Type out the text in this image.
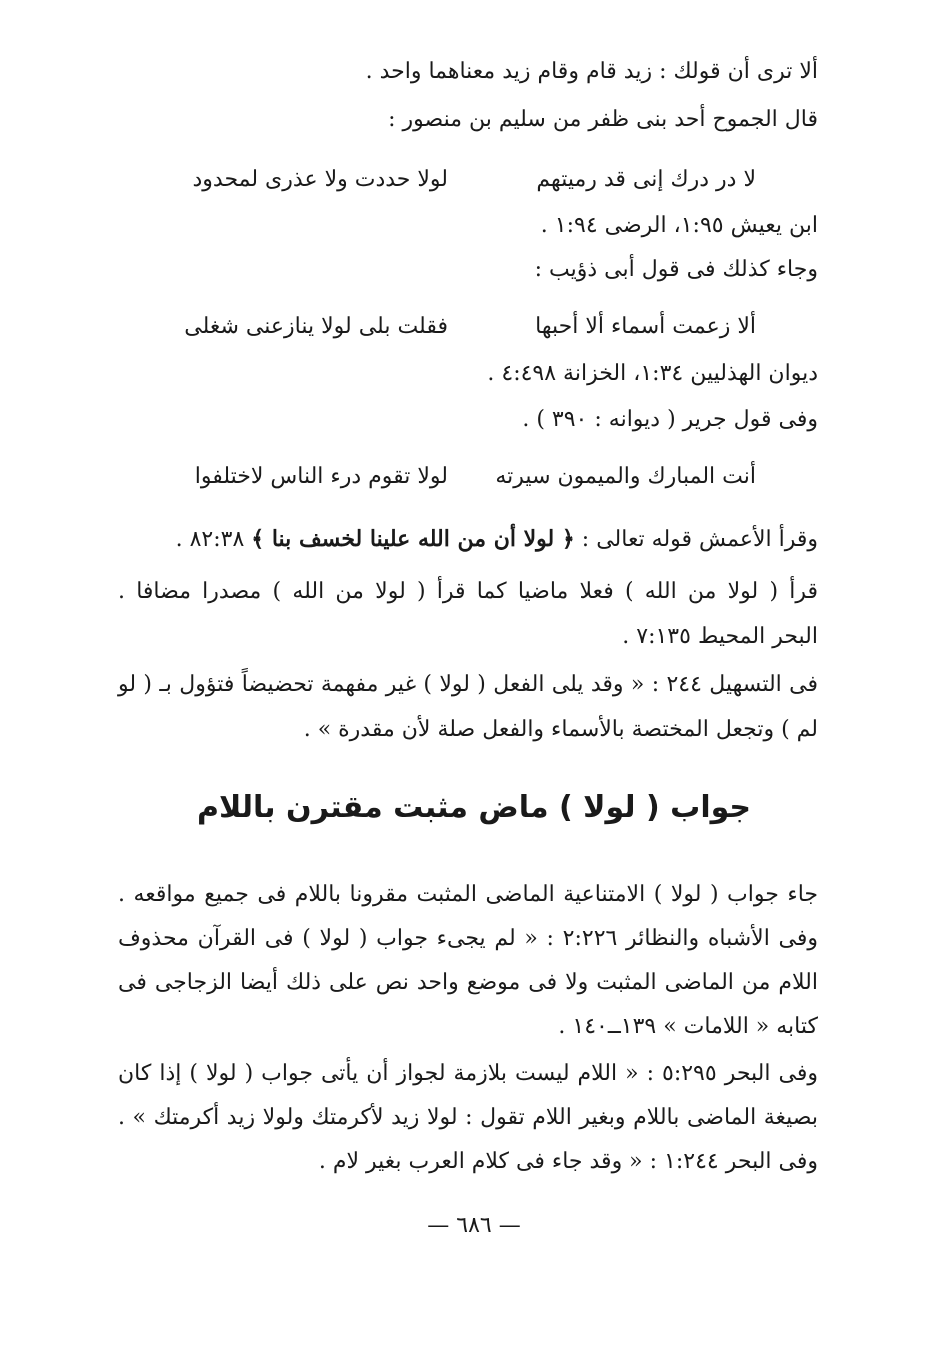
ألا ترى أن قولك : زيد قام وقام زيد معناهما واحد .
قال الجموح أحد بنى ظفر من سليم بن منصور :
لا در درك إنى قد رميتهم
لولا حددت ولا عذرى لمحدود
ابن يعيش ١:٩٥، الرضى ١:٩٤ .
وجاء كذلك فى قول أبى ذؤيب :
ألا زعمت أسماء ألا أحبها
فقلت بلى لولا ينازعنى شغلى
ديوان الهذليين ١:٣٤، الخزانة ٤:٤٩٨ .
وفى قول جرير ( ديوانه : ٣٩٠ ) .
أنت المبارك والميمون سيرته
لولا تقوم درء الناس لاختلفوا
وقرأ الأعمش قوله تعالى : ﴿ لولا أن من الله علينا لخسف بنا ﴾ ٨٢:٣٨ .
قرأ ( لولا من الله ) فعلا ماضيا كما قرأ ( لولا من الله ) مصدرا مضافا .
البحر المحيط ٧:١٣٥ .
فى التسهيل ٢٤٤ : « وقد يلى الفعل ( لولا ) غير مفهمة تحضيضاً فتؤول بـ ( لو
لم ) وتجعل المختصة بالأسماء والفعل صلة لأن مقدرة » .
جواب ( لولا ) ماض مثبت مقترن باللام
جاء جواب ( لولا ) الامتناعية الماضى المثبت مقرونا باللام فى جميع مواقعه .
وفى الأشباه والنظائر ٢:٢٢٦ : « لم يجىء جواب ( لولا ) فى القرآن محذوف
اللام من الماضى المثبت ولا فى موضع واحد نص على ذلك أيضا الزجاجى فى
كتابه « اللامات » ١٣٩ــ١٤٠ .
وفى البحر ٥:٢٩٥ : « اللام ليست بلازمة لجواز أن يأتى جواب ( لولا ) إذا كان
بصيغة الماضى باللام وبغير اللام تقول : لولا زيد لأكرمتك ولولا زيد أكرمتك » .
وفى البحر ١:٢٤٤ : « وقد جاء فى كلام العرب بغير لام .
— ٦٨٦ —
